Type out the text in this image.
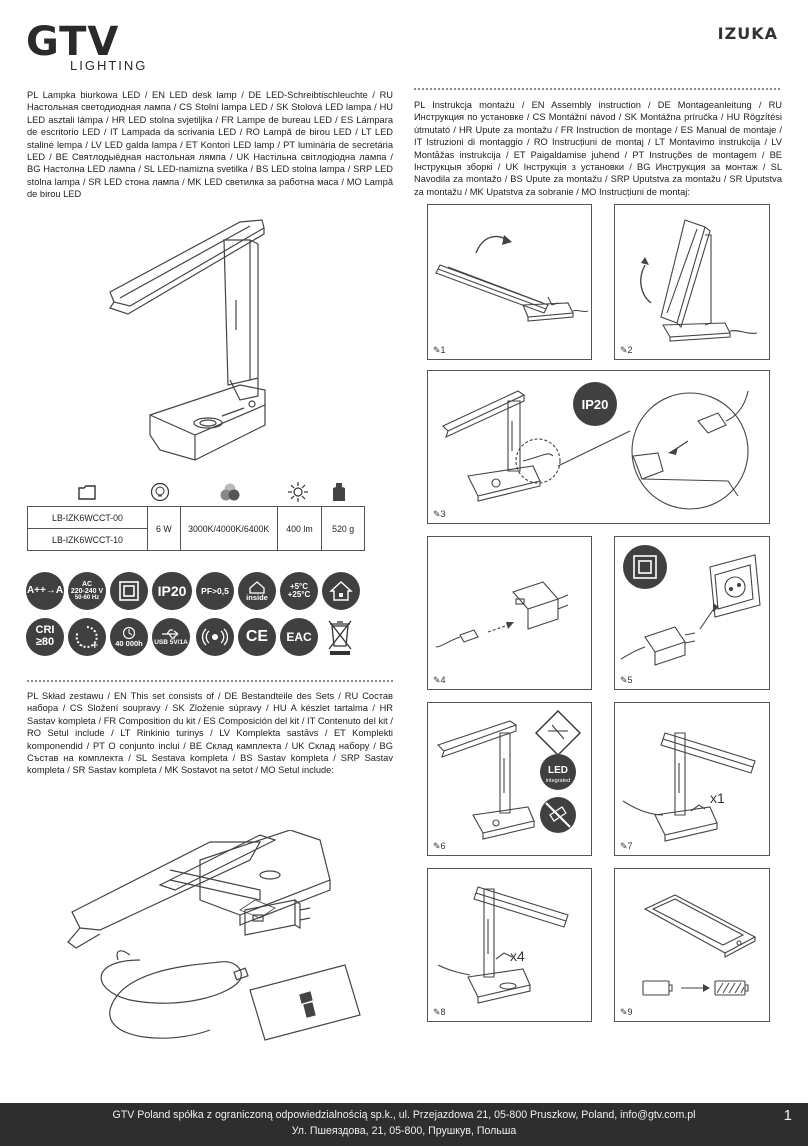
GTV
LIGHTING
IZUKA
PL Lampka biurkowa LED / EN LED desk lamp / DE LED-Schreibtischleuchte / RU Настольная светодиодная лампа / CS Stolní lampa LED / SK Stolová LED lampa / HU LED asztali lámpa / HR LED stolna svjetiljka / FR Lampe de bureau LED / ES Lámpara de escritorio LED / IT Lampada da scrivania LED / RO Lampă de birou LED / LT LED stalinė lempa / LV LED galda lampa / ET Kontori LED lamp / PT luminária de secretária LED / BE Святлодыёдная настольная лямпа / UK Настільна світлодіодна лампа / BG Настолна LED лампа / SL LED-namizna svetilka / BS LED stolna lampa / SRP LED stolna lampa / SR LED стона лампа / MK LED светилка за работна маса / MO Lampă de birou LED
LB-IZK6WCCT-00	6 W	3000K/4000K/6400K	400 lm	520 g
LB-IZK6WCCT-10
A++→A
AC
220-240 V
50-60 Hz	IP20 PF>0,5
inside
+5°C
+25°C
CRI
≥80	- + 40 000h USB 5V/1A	CE EAC
PL Skład zestawu / EN This set consists of / DE Bestandteile des Sets / RU Состав набора / CS Složení soupravy / SK Zloženie súpravy / HU A készlet tartalma / HR Sastav kompleta / FR Composition du kit / ES Composición del kit / IT Contenuto del kit / RO Setul include / LT Rinkinio turinys / LV Komplekta sastāvs / ET Komplekti komponendid / PT O conjunto inclui / BE Склад камплекта / UK Склад набору / BG Състав на комплекта / SL Sestava kompleta / BS Sastav kompleta / SRP Sastav kompleta / SR Sastav kompleta / MK Sostavot na setot / MO Setul include:
PL Instrukcja montażu / EN Assembly instruction / DE Montageanleitung / RU Инструкция по установке / CS Montážní návod / SK Montážna príručka / HU Rögzítési útmutató / HR Upute za montažu / FR Instruction de montage / ES Manual de montaje / IT Istruzioni di montaggio / RO Instrucțiuni de montaj / LT Montavimo instrukcija / LV Montāžas instrukcija / ET Paigaldamise juhend / PT Instruções de montagem / BE Інструкцыя зборкі / UK Інструкція з установки / BG Инструкция за монтаж / SL Navodila za montažo / BS Upute za montažu / SRP Uputstva za montažu / SR Uputstva za montažu / MK Upatstva za sobranie / MO Instrucțiuni de montaj:
✎1	✎2
IP20
✎3
✎4	✎5
LED
integrated
✎6
x1
✎7
x4
✎8	✎9
GTV Poland spółka z ograniczoną odpowiedzialnością sp.k., ul. Przejazdowa 21, 05-800 Pruszkow, Poland, info@gtv.com.pl
Ул. Пшеяздова, 21, 05-800, Прушкув, Польша
1
